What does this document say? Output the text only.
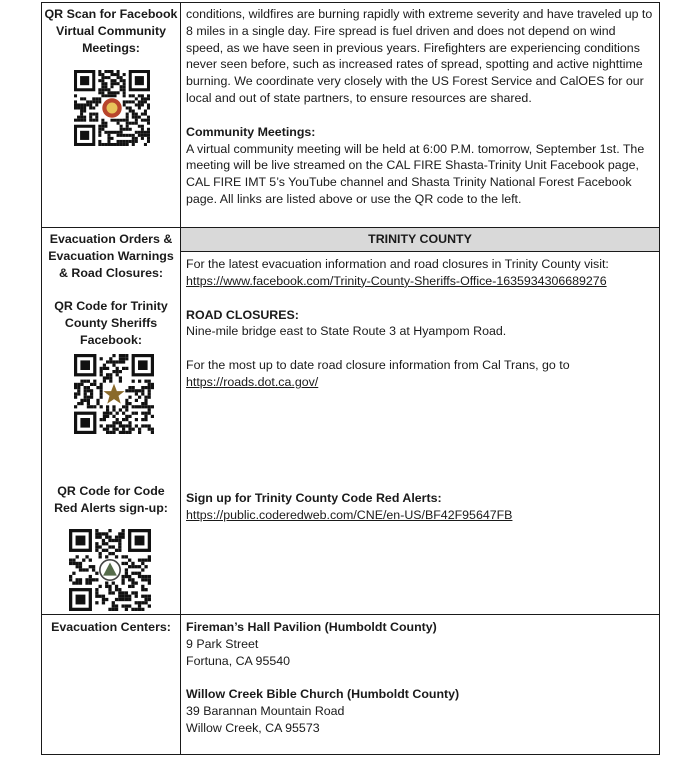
QR Scan for Facebook Virtual Community Meetings:

conditions, wildfires are burning rapidly with extreme severity and have traveled up to 8 miles in a single day. Fire spread is fuel driven and does not depend on wind speed, as we have seen in previous years. Firefighters are experiencing conditions never seen before, such as increased rates of spread, spotting and active nighttime burning. We coordinate very closely with the US Forest Service and CalOES for our local and out of state partners, to ensure resources are shared.

Community Meetings:

A virtual community meeting will be held at 6:00 P.M. tomorrow, September 1st. The meeting will be live streamed on the CAL FIRE Shasta-Trinity Unit Facebook page, CAL FIRE IMT 5’s YouTube channel and Shasta Trinity National Forest Facebook page. All links are listed above or use the QR code to the left.

Evacuation Orders & Evacuation Warnings & Road Closures:
QR Code for Trinity County Sheriffs Facebook:
QR Code for Code Red Alerts sign-up:
TRINITY COUNTY

For the latest evacuation information and road closures in Trinity County visit:

https://www.facebook.com/Trinity-County-Sheriffs-Office-1635934306689276

ROAD CLOSURES:

Nine-mile bridge east to State Route 3 at Hyampom Road.

For the most up to date road closure information from Cal Trans, go to

https://roads.dot.ca.gov/

Sign up for Trinity County Code Red Alerts:

https://public.coderedweb.com/CNE/en-US/BF42F95647FB

Evacuation Centers:	Fireman’s Hall Pavilion (Humboldt County)

9 Park Street

Fortuna, CA 95540

Willow Creek Bible Church (Humboldt County)

39 Barannan Mountain Road

Willow Creek, CA 95573
